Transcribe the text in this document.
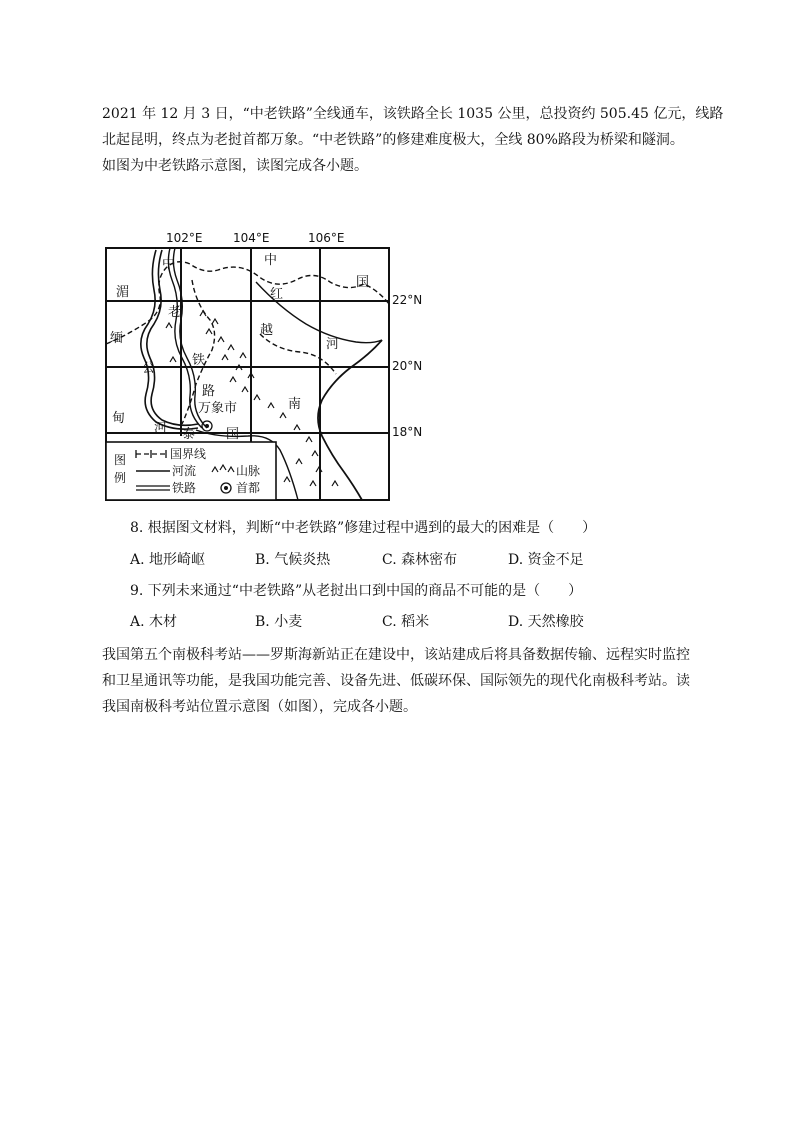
2021 年 12 月 3 日，“中老铁路”全线通车，该铁路全长 1035 公里，总投资约 505.45 亿元，线路
北起昆明，终点为老挝首都万象。“中老铁路”的修建难度极大，全线 80%路段为桥梁和隧洞。
如图为中老铁路示意图，读图完成各小题。
102°E	104°E	106°E
22°N
20°N
18°N
中
老
铁
路
中
国
湄
缅
公
甸
河
红
河
越
南
泰 国
万象市
图
例
国界线
河流	山脉
铁路	首都
8. 根据图文材料，判断“中老铁路”修建过程中遇到的最大的困难是（　　）
A. 地形崎岖	B. 气候炎热	C. 森林密布	D. 资金不足
9. 下列未来通过“中老铁路”从老挝出口到中国的商品不可能的是（　　）
A. 木材	B. 小麦	C. 稻米	D. 天然橡胶
我国第五个南极科考站——罗斯海新站正在建设中，该站建成后将具备数据传输、远程实时监控
和卫星通讯等功能，是我国功能完善、设备先进、低碳环保、国际领先的现代化南极科考站。读
我国南极科考站位置示意图（如图），完成各小题。
